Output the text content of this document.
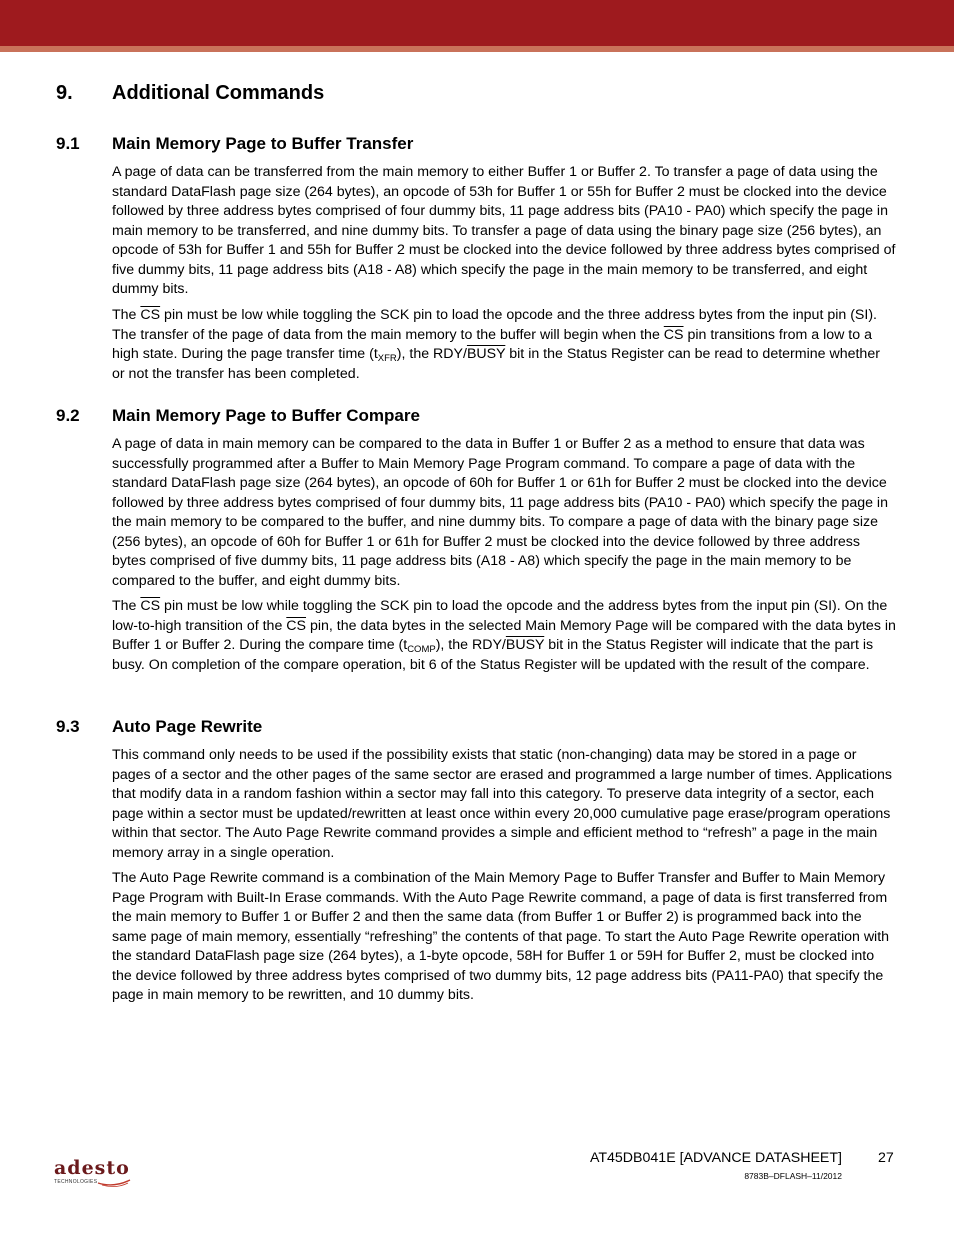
9. Additional Commands
9.1 Main Memory Page to Buffer Transfer

A page of data can be transferred from the main memory to either Buffer 1 or Buffer 2. To transfer a page of data using the standard DataFlash page size (264 bytes), an opcode of 53h for Buffer 1 or 55h for Buffer 2 must be clocked into the device followed by three address bytes comprised of four dummy bits, 11 page address bits (PA10 - PA0) which specify the page in main memory to be transferred, and nine dummy bits. To transfer a page of data using the binary page size (256 bytes), an opcode of 53h for Buffer 1 and 55h for Buffer 2 must be clocked into the device followed by three address bytes comprised of five dummy bits, 11 page address bits (A18 - A8) which specify the page in the main memory to be transferred, and eight dummy bits.

The $\overline{CS}$ pin must be low while toggling the SCK pin to load the opcode and the three address bytes from the input pin (SI). The transfer of the page of data from the main memory to the buffer will begin when the $\overline{CS}$ pin transitions from a low to a high state. During the page transfer time $(t_{XFR})$, the RDY/BUSY bit in the Status Register can be read to determine whether or not the transfer has been completed.

9.2 Main Memory Page to Buffer Compare

A page of data in main memory can be compared to the data in Buffer 1 or Buffer 2 as a method to ensure that data was successfully programmed after a Buffer to Main Memory Page Program command. To compare a page of data with the standard DataFlash page size (264 bytes), an opcode of 60h for Buffer 1 or 61h for Buffer 2 must be clocked into the device followed by three address bytes comprised of four dummy bits, 11 page address bits (PA10 - PA0) which specify the page in the main memory to be compared to the buffer, and nine dummy bits. To compare a page of data with the binary page size (256 bytes), an opcode of 60h for Buffer 1 or 61h for Buffer 2 must be clocked into the device followed by three address bytes comprised of five dummy bits, 11 page address bits (A18 - A8) which specify the page in the main memory to be compared to the buffer, and eight dummy bits.

The $\overline{CS}$ pin must be low while toggling the SCK pin to load the opcode and the address bytes from the input pin (SI). On the low-to-high transition of the $\overline{CS}$ pin, the data bytes in the selected Main Memory Page will be compared with the data bytes in Buffer 1 or Buffer 2. During the compare time $(t_{COMP})$, the RDY/BUSY bit in the Status Register will indicate that the part is busy. On completion of the compare operation, bit 6 of the Status Register will be updated with the result of the compare.

9.3 Auto Page Rewrite

This command only needs to be used if the possibility exists that static (non-changing) data may be stored in a page or pages of a sector and the other pages of the same sector are erased and programmed a large number of times. Applications that modify data in a random fashion within a sector may fall into this category. To preserve data integrity of a sector, each page within a sector must be updated/rewritten at least once within every 20,000 cumulative page erase/program operations within that sector. The Auto Page Rewrite command provides a simple and efficient method to “refresh” a page in the main memory array in a single operation.

The Auto Page Rewrite command is a combination of the Main Memory Page to Buffer Transfer and Buffer to Main Memory Page Program with Built-In Erase commands. With the Auto Page Rewrite command, a page of data is first transferred from the main memory to Buffer 1 or Buffer 2 and then the same data (from Buffer 1 or Buffer 2) is programmed back into the same page of main memory, essentially “refreshing” the contents of that page. To start the Auto Page Rewrite operation with the standard DataFlash page size (264 bytes), a 1-byte opcode, 58H for Buffer 1 or 59H for Buffer 2, must be clocked into the device followed by three address bytes comprised of two dummy bits, 12 page address bits (PA11-PA0) that specify the page in main memory to be rewritten, and 10 dummy bits.

adesto
TECHNOLOGIES
AT45DB041E [ADVANCE DATASHEET]	27
8783B–DFLASH–11/2012
